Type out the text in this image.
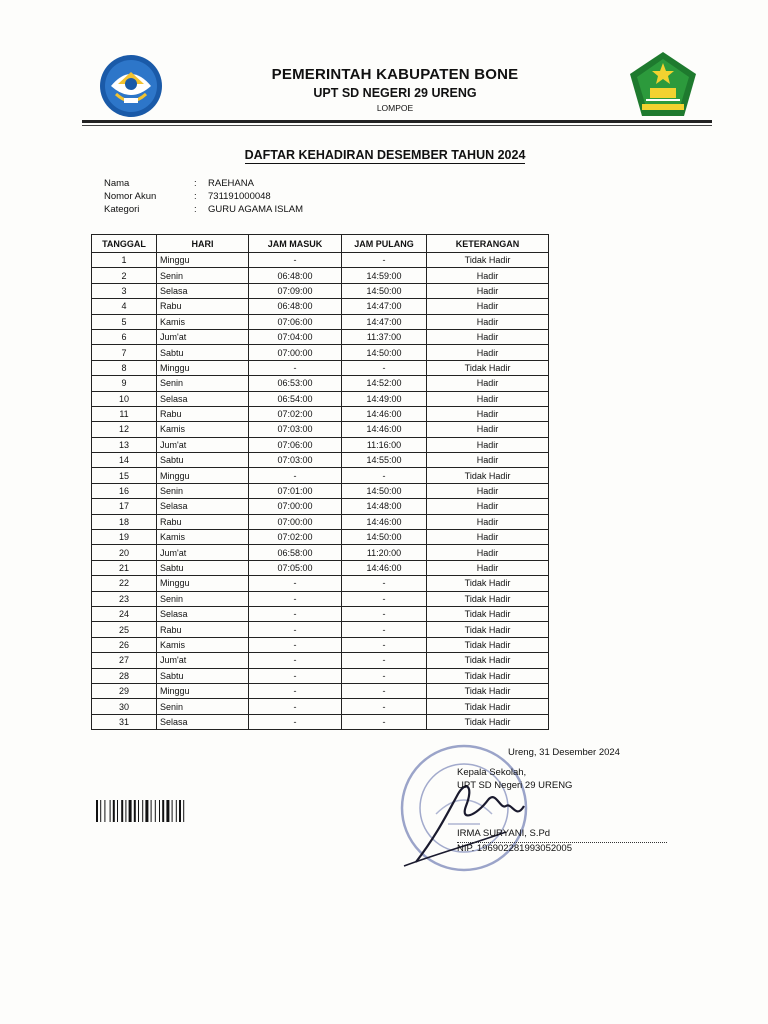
PEMERINTAH KABUPATEN BONE
UPT SD NEGERI 29 URENG
LOMPOE
DAFTAR KEHADIRAN DESEMBER TAHUN 2024
Nama	:	RAEHANA
Nomor Akun	:	731191000048
Kategori	:	GURU AGAMA ISLAM
TANGGAL	HARI	JAM MASUK	JAM PULANG	KETERANGAN
1	Minggu	-	-	Tidak Hadir
2	Senin	06:48:00	14:59:00	Hadir
3	Selasa	07:09:00	14:50:00	Hadir
4	Rabu	06:48:00	14:47:00	Hadir
5	Kamis	07:06:00	14:47:00	Hadir
6	Jum'at	07:04:00	11:37:00	Hadir
7	Sabtu	07:00:00	14:50:00	Hadir
8	Minggu	-	-	Tidak Hadir
9	Senin	06:53:00	14:52:00	Hadir
10	Selasa	06:54:00	14:49:00	Hadir
11	Rabu	07:02:00	14:46:00	Hadir
12	Kamis	07:03:00	14:46:00	Hadir
13	Jum'at	07:06:00	11:16:00	Hadir
14	Sabtu	07:03:00	14:55:00	Hadir
15	Minggu	-	-	Tidak Hadir
16	Senin	07:01:00	14:50:00	Hadir
17	Selasa	07:00:00	14:48:00	Hadir
18	Rabu	07:00:00	14:46:00	Hadir
19	Kamis	07:02:00	14:50:00	Hadir
20	Jum'at	06:58:00	11:20:00	Hadir
21	Sabtu	07:05:00	14:46:00	Hadir
22	Minggu	-	-	Tidak Hadir
23	Senin	-	-	Tidak Hadir
24	Selasa	-	-	Tidak Hadir
25	Rabu	-	-	Tidak Hadir
26	Kamis	-	-	Tidak Hadir
27	Jum'at	-	-	Tidak Hadir
28	Sabtu	-	-	Tidak Hadir
29	Minggu	-	-	Tidak Hadir
30	Senin	-	-	Tidak Hadir
31	Selasa	-	-	Tidak Hadir
Ureng, 31 Desember 2024
Kepala Sekolah,
UPT SD Negeri 29 URENG
IRMA SURYANI, S.Pd
NIP. 196902281993052005
